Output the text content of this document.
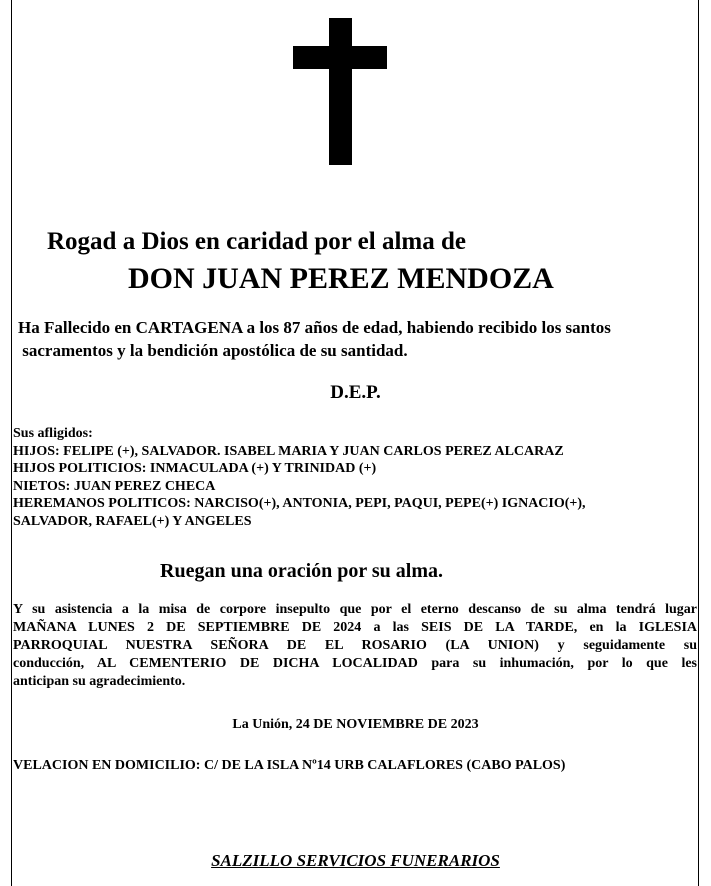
Rogad a Dios en caridad por el alma de
DON JUAN PEREZ MENDOZA
Ha Fallecido en CARTAGENA a los 87 años de edad, habiendo recibido los santos
sacramentos y la bendición apostólica de su santidad.
D.E.P.
Sus afligidos:
HIJOS: FELIPE (+), SALVADOR. ISABEL MARIA Y JUAN CARLOS PEREZ ALCARAZ
HIJOS POLITICIOS: INMACULADA (+) Y TRINIDAD (+)
NIETOS: JUAN PEREZ CHECA
HEREMANOS POLITICOS: NARCISO(+), ANTONIA, PEPI, PAQUI, PEPE(+) IGNACIO(+),
SALVADOR, RAFAEL(+) Y ANGELES
Ruegan una oración por su alma.
Y su asistencia a la misa de corpore insepulto que por el eterno descanso de su alma tendrá lugar
MAÑANA LUNES 2 DE SEPTIEMBRE DE 2024 a las SEIS DE LA TARDE, en la IGLESIA
PARROQUIAL NUESTRA SEÑORA DE EL ROSARIO (LA UNION) y seguidamente su
conducción, AL CEMENTERIO DE DICHA LOCALIDAD para su inhumación, por lo que les
anticipan su agradecimiento.
La Unión, 24 DE NOVIEMBRE DE 2023
VELACION EN DOMICILIO: C/ DE LA ISLA Nº14 URB CALAFLORES (CABO PALOS)
SALZILLO SERVICIOS FUNERARIOS
